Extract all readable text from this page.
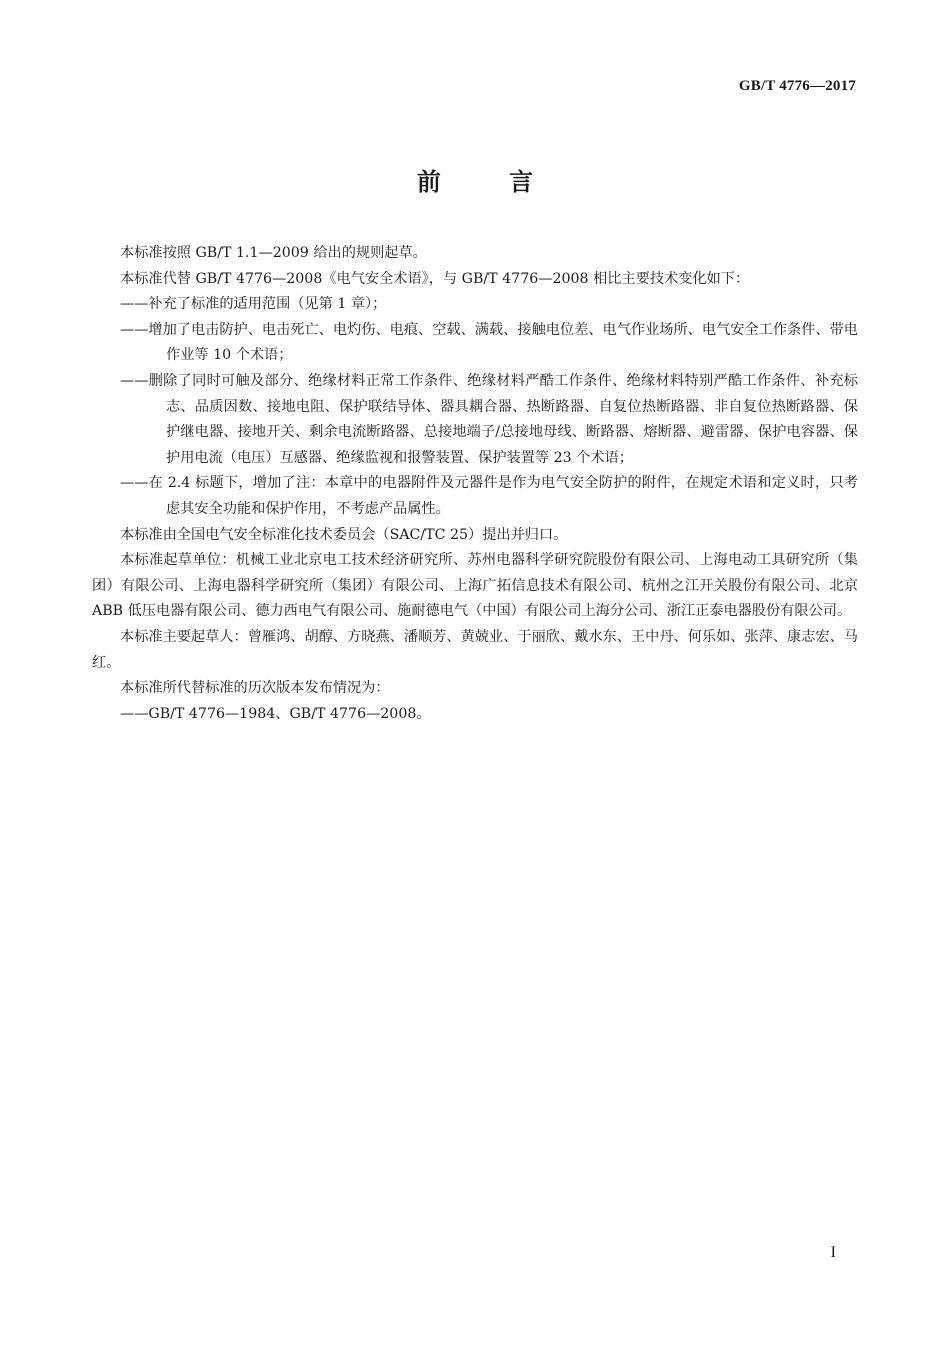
GB/T 4776—2017
前 言

本标准按照 GB/T 1.1—2009 给出的规则起草。

本标准代替 GB/T 4776—2008《电气安全术语》，与 GB/T 4776—2008 相比主要技术变化如下：

——补充了标准的适用范围（见第 1 章）；

——增加了电击防护、电击死亡、电灼伤、电痕、空载、满载、接触电位差、电气作业场所、电气安全工作条件、带电作业等 10 个术语；

——删除了同时可触及部分、绝缘材料正常工作条件、绝缘材料严酷工作条件、绝缘材料特别严酷工作条件、补充标志、品质因数、接地电阻、保护联结导体、器具耦合器、热断路器、自复位热断路器、非自复位热断路器、保护继电器、接地开关、剩余电流断路器、总接地端子/总接地母线、断路器、熔断器、避雷器、保护电容器、保护用电流（电压）互感器、绝缘监视和报警装置、保护装置等 23 个术语；

——在 2.4 标题下，增加了注：本章中的电器附件及元器件是作为电气安全防护的附件，在规定术语和定义时，只考虑其安全功能和保护作用，不考虑产品属性。

本标准由全国电气安全标准化技术委员会（SAC/TC 25）提出并归口。

本标准起草单位：机械工业北京电工技术经济研究所、苏州电器科学研究院股份有限公司、上海电动工具研究所（集团）有限公司、上海电器科学研究所（集团）有限公司、上海广拓信息技术有限公司、杭州之江开关股份有限公司、北京 ABB 低压电器有限公司、德力西电气有限公司、施耐德电气（中国）有限公司上海分公司、浙江正泰电器股份有限公司。

本标准主要起草人：曾雁鸿、胡醇、方晓燕、潘顺芳、黄兢业、于丽欣、戴水东、王中丹、何乐如、张萍、康志宏、马红。

本标准所代替标准的历次版本发布情况为：

——GB/T 4776—1984、GB/T 4776—2008。

I
